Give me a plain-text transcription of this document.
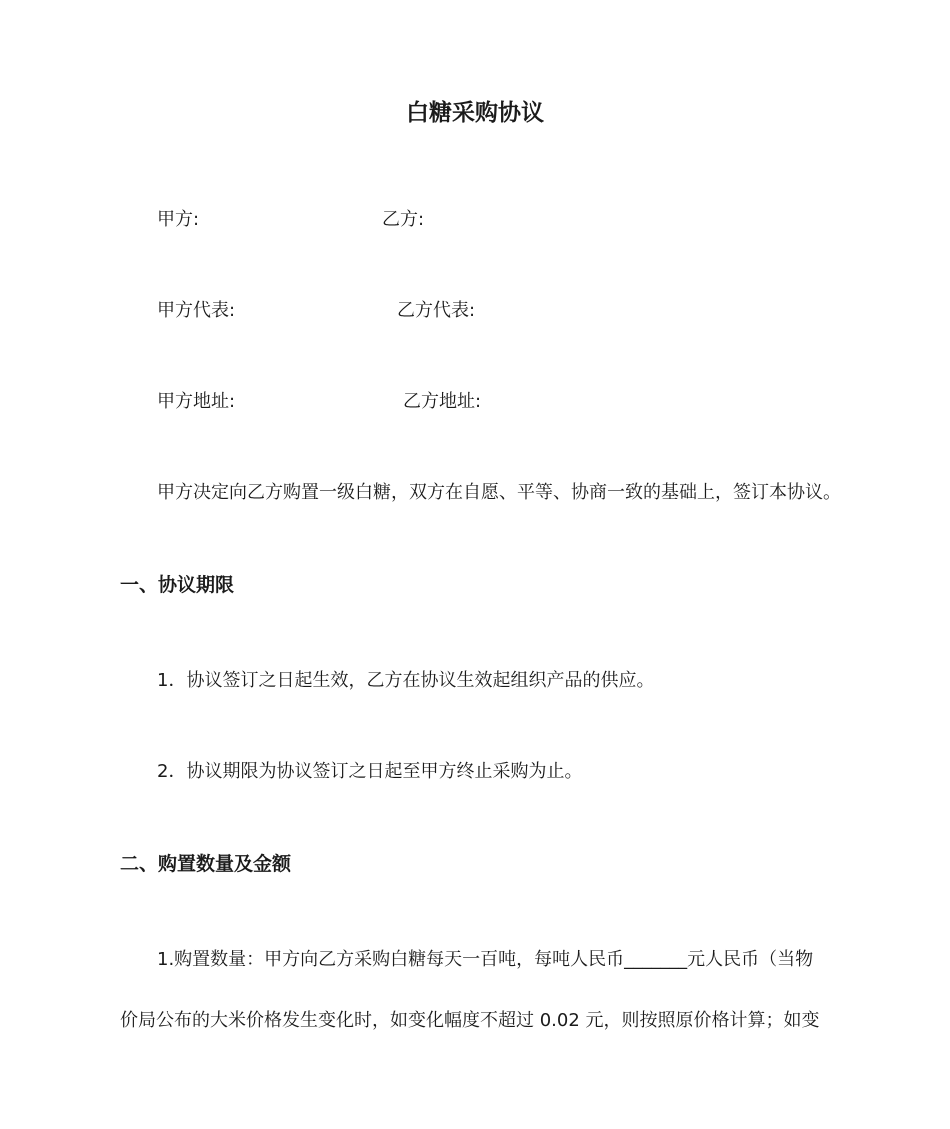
白糖采购协议
甲方:	乙方:
甲方代表:	乙方代表:
甲方地址:	乙方地址:
甲方决定向乙方购置一级白糖，双方在自愿、平等、协商一致的基础上，签订本协议。
一、协议期限
1．协议签订之日起生效，乙方在协议生效起组织产品的供应。
2．协议期限为协议签订之日起至甲方终止采购为止。
二、购置数量及金额
1.购置数量：甲方向乙方采购白糖每天一百吨，每吨人民币_______元人民币（当物
价局公布的大米价格发生变化时，如变化幅度不超过 0.02 元，则按照原价格计算；如变
